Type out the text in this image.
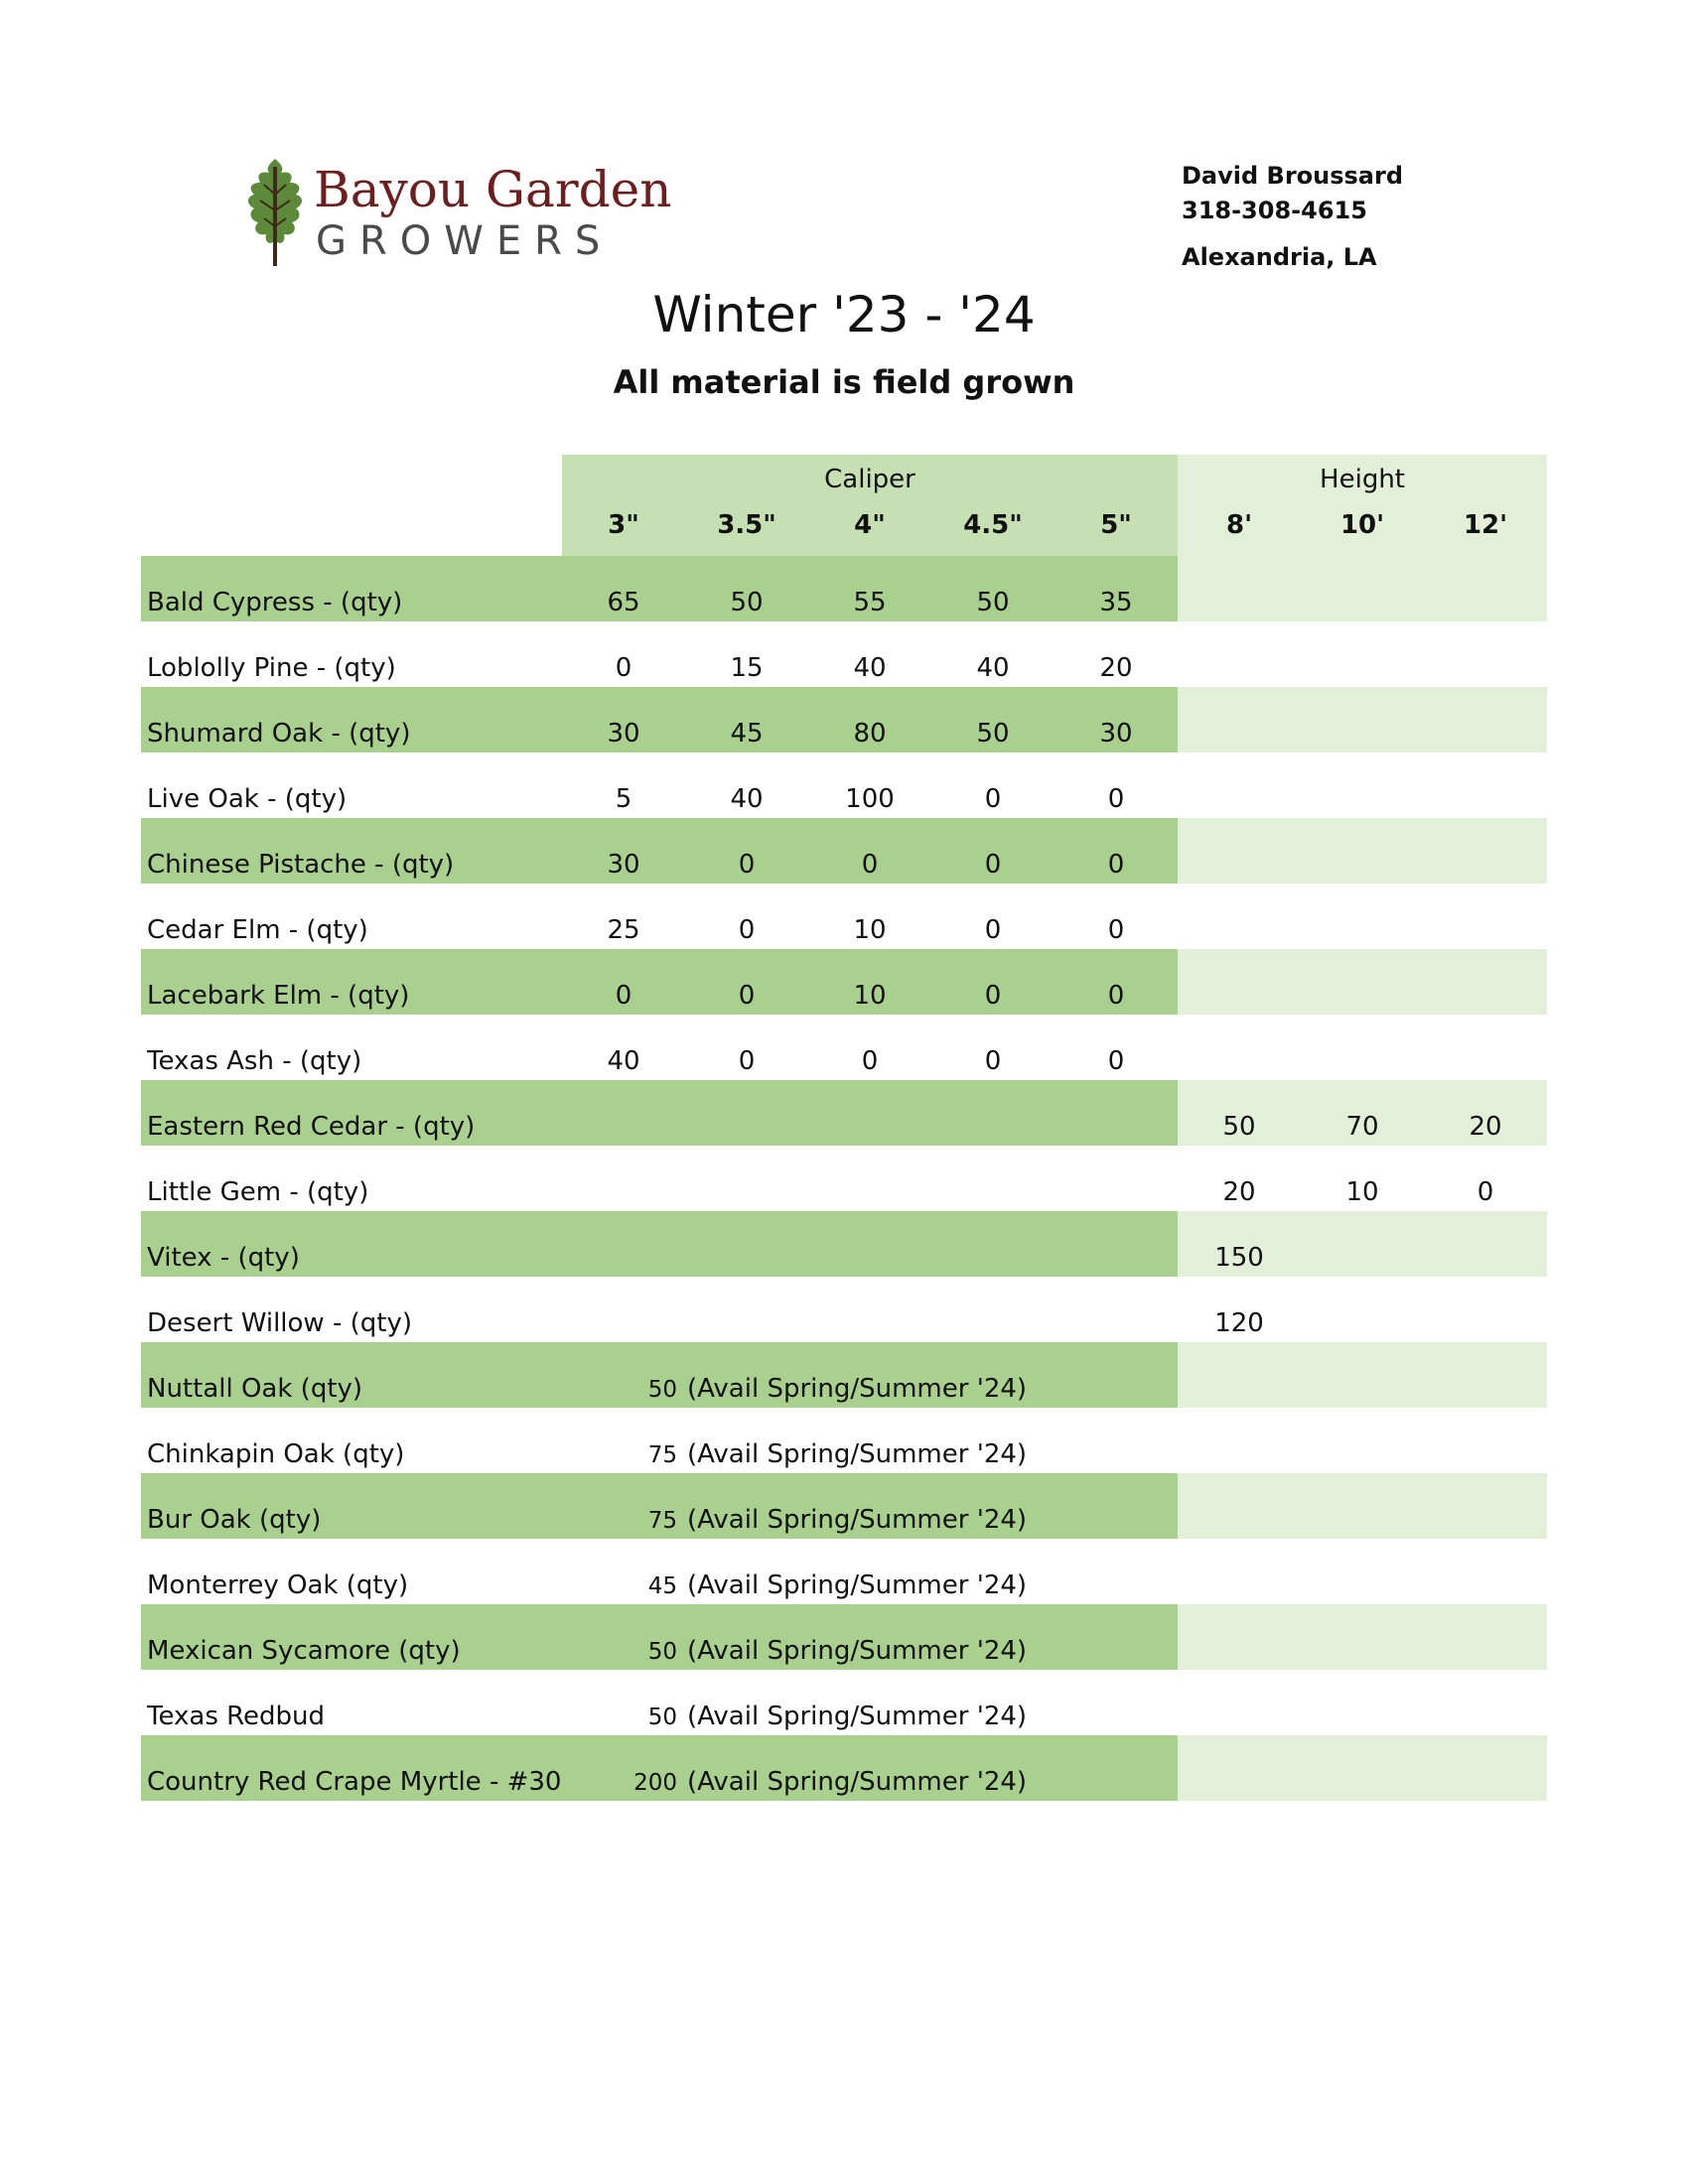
Bayou Garden
GROWERS
David Broussard
318-308-4615
Alexandria, LA
Winter '23 - '24
All material is field grown
	Caliper					Height		
	3"	3.5"	4"	4.5"	5"	8'	10'	12'
Bald Cypress - (qty)	65	50	55	50	35			
Loblolly Pine - (qty)	0	15	40	40	20			
Shumard Oak - (qty)	30	45	80	50	30			
Live Oak - (qty)	5	40	100	0	0			
Chinese Pistache - (qty)	30	0	0	0	0			
Cedar Elm - (qty)	25	0	10	0	0			
Lacebark Elm - (qty)	0	0	10	0	0			
Texas Ash - (qty)	40	0	0	0	0			
Eastern Red Cedar - (qty)						50	70	20
Little Gem - (qty)						20	10	0
Vitex - (qty)						150		
Desert Willow - (qty)						120		
Nuttall Oak (qty)	50 (Avail Spring/Summer '24)							
Chinkapin Oak (qty)	75 (Avail Spring/Summer '24)							
Bur Oak (qty)	75 (Avail Spring/Summer '24)							
Monterrey Oak (qty)	45 (Avail Spring/Summer '24)							
Mexican Sycamore (qty)	50 (Avail Spring/Summer '24)							
Texas Redbud	50 (Avail Spring/Summer '24)							
Country Red Crape Myrtle - #30	200 (Avail Spring/Summer '24)							
